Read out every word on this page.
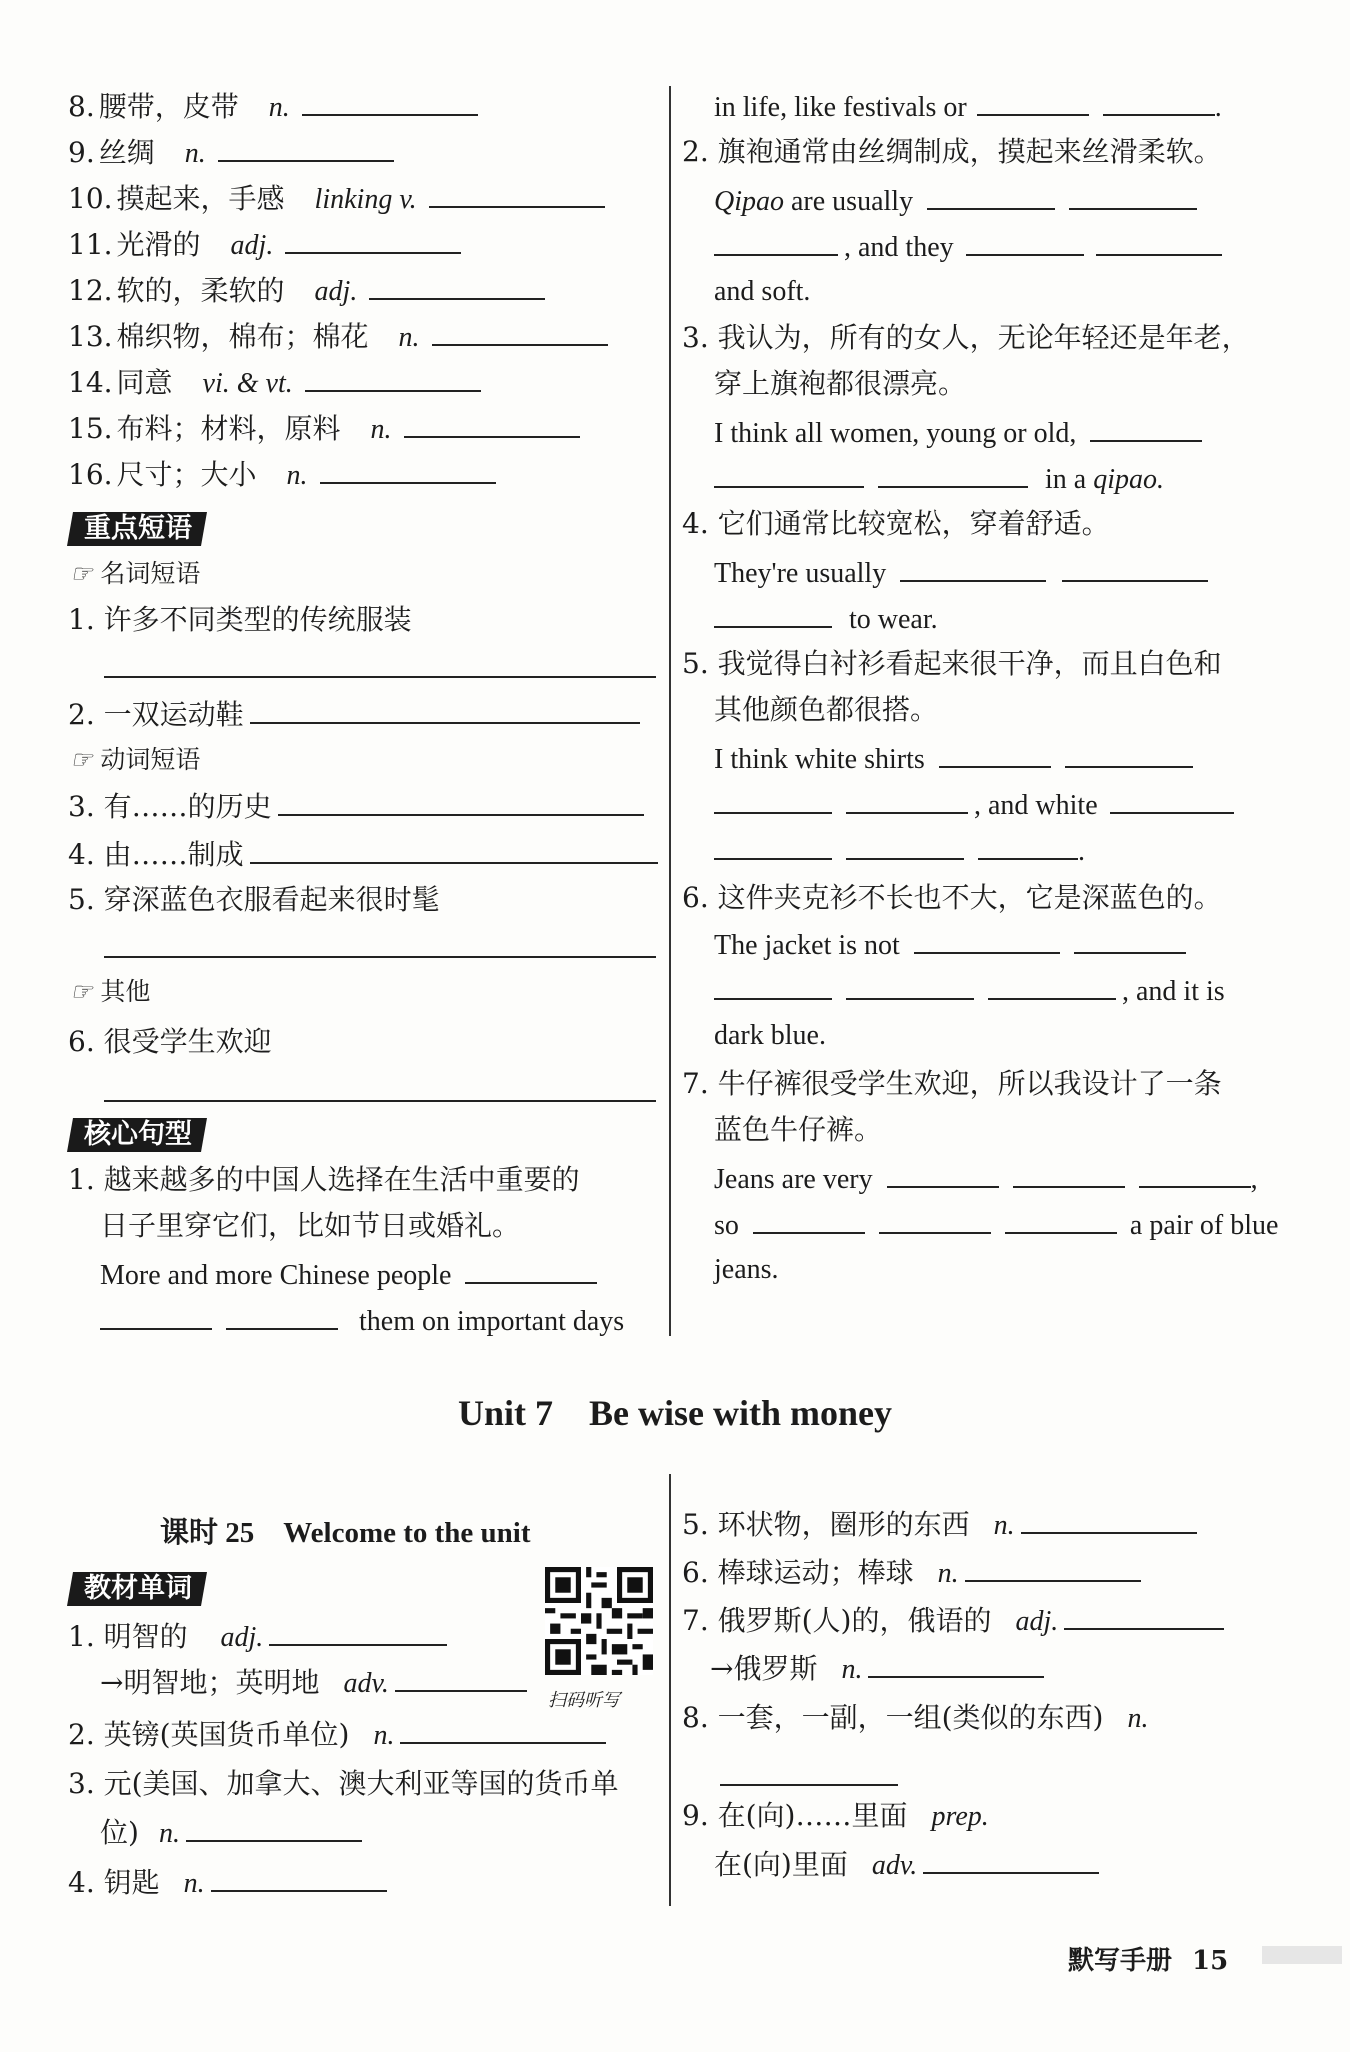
8. 腰带，皮带 n.
9. 丝绸 n.
10. 摸起来，手感 linking v.
11. 光滑的 adj.
12. 软的，柔软的 adj.
13. 棉织物，棉布；棉花 n.
14. 同意 vi. & vt.
15. 布料；材料，原料 n.
16. 尺寸；大小 n.
重点短语
☞ 名词短语
1. 许多不同类型的传统服装
2. 一双运动鞋
☞ 动词短语
3. 有……的历史
4. 由……制成
5. 穿深蓝色衣服看起来很时髦
☞ 其他
6. 很受学生欢迎
核心句型
1. 越来越多的中国人选择在生活中重要的
日子里穿它们，比如节日或婚礼。
More and more Chinese people
them on important days
in life, like festivals or	.
2. 旗袍通常由丝绸制成，摸起来丝滑柔软。
Qipao are usually
, and they
and soft.
3. 我认为，所有的女人，无论年轻还是年老，
穿上旗袍都很漂亮。
I think all women, young or old,
in a qipao.
4. 它们通常比较宽松，穿着舒适。
They're usually
to wear.
5. 我觉得白衬衫看起来很干净，而且白色和
其他颜色都很搭。
I think white shirts
, and white
.
6. 这件夹克衫不长也不大，它是深蓝色的。
The jacket is not
, and it is
dark blue.
7. 牛仔裤很受学生欢迎，所以我设计了一条
蓝色牛仔裤。
Jeans are very	,
so	a pair of blue
jeans.
Unit 7    Be wise with money
课时 25    Welcome to the unit
教材单词
扫码听写
1. 明智的 adj.
→明智地；英明地 adv.
2. 英镑(英国货币单位) n.
3. 元(美国、加拿大、澳大利亚等国的货币单
位) n.
4. 钥匙 n.
5. 环状物，圈形的东西 n.
6. 棒球运动；棒球 n.
7. 俄罗斯(人)的，俄语的 adj.
→俄罗斯 n.
8. 一套，一副，一组(类似的东西) n.
9. 在(向)……里面 prep.
在(向)里面 adv.
默写手册 15
